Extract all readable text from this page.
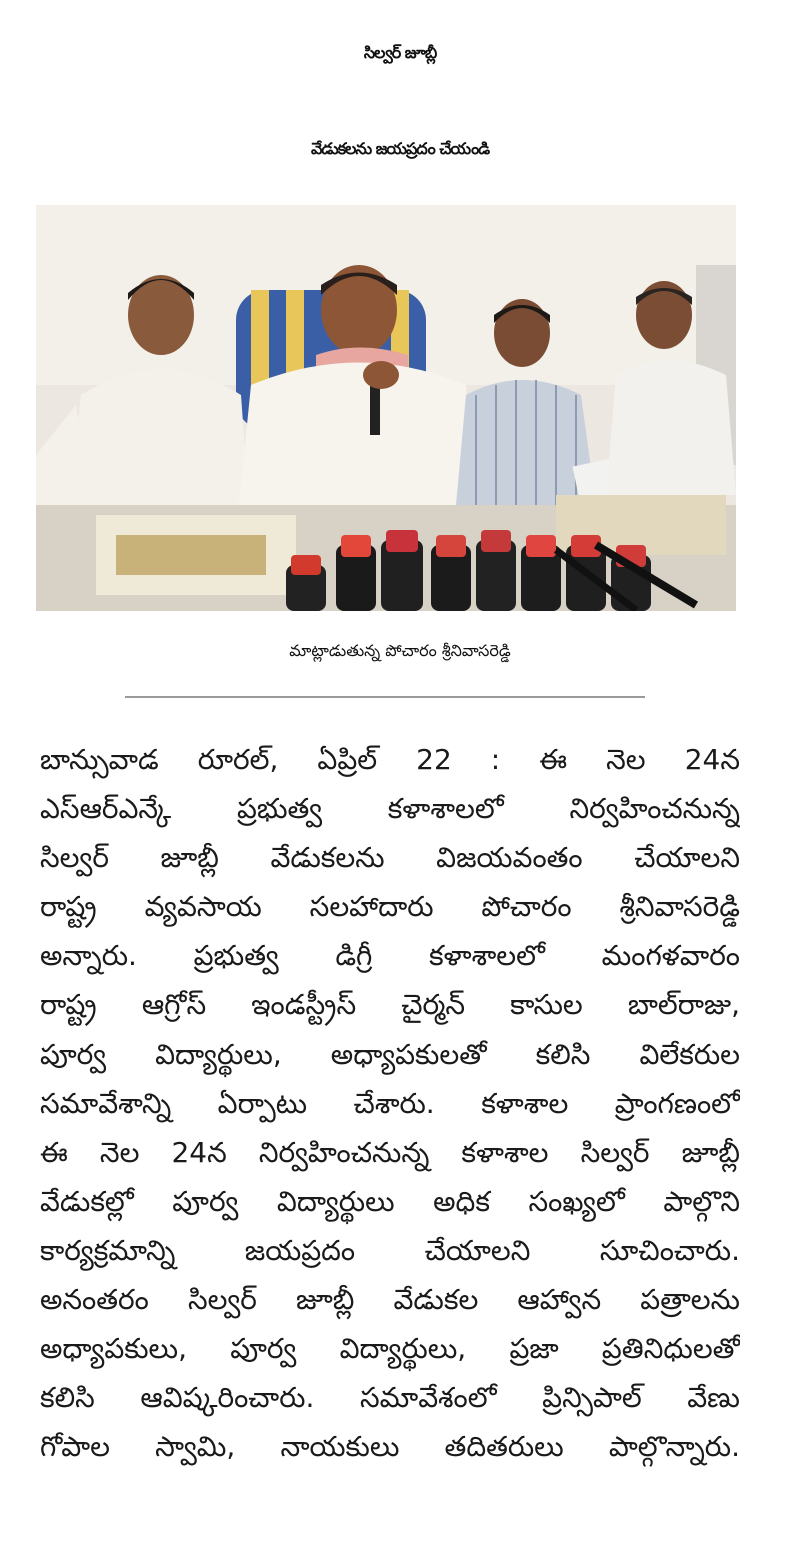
సిల్వర్ జూబ్లీ
వేడుకలను జయప్రదం చేయండి
మాట్లాడుతున్న పోచారం శ్రీనివాసరెడ్డి
బాన్సువాడ రూరల్, ఏప్రిల్ 22 : ఈ నెల 24న
ఎస్ఆర్ఎన్కే ప్రభుత్వ కళాశాలలో నిర్వహించనున్న
సిల్వర్ జూబ్లీ వేడుకలను విజయవంతం చేయాలని
రాష్ట్ర వ్యవసాయ సలహాదారు పోచారం శ్రీనివాసరెడ్డి
అన్నారు. ప్రభుత్వ డిగ్రీ కళాశాలలో మంగళవారం
రాష్ట్ర ఆగ్రోస్ ఇండస్ట్రీస్ చైర్మన్ కాసుల బాల్‌రాజు,
పూర్వ విద్యార్థులు, అధ్యాపకులతో కలిసి విలేకరుల
సమావేశాన్ని ఏర్పాటు చేశారు. కళాశాల ప్రాంగణంలో
ఈ నెల 24న నిర్వహించనున్న కళాశాల సిల్వర్ జూబ్లీ
వేడుకల్లో పూర్వ విద్యార్థులు అధిక సంఖ్యలో పాల్గొని
కార్యక్రమాన్ని జయప్రదం చేయాలని సూచించారు.
అనంతరం సిల్వర్ జూబ్లీ వేడుకల ఆహ్వాన పత్రాలను
అధ్యాపకులు, పూర్వ విద్యార్థులు, ప్రజా ప్రతినిధులతో
కలిసి ఆవిష్కరించారు. సమావేశంలో ప్రిన్సిపాల్ వేణు
గోపాల స్వామి, నాయకులు తదితరులు పాల్గొన్నారు.
